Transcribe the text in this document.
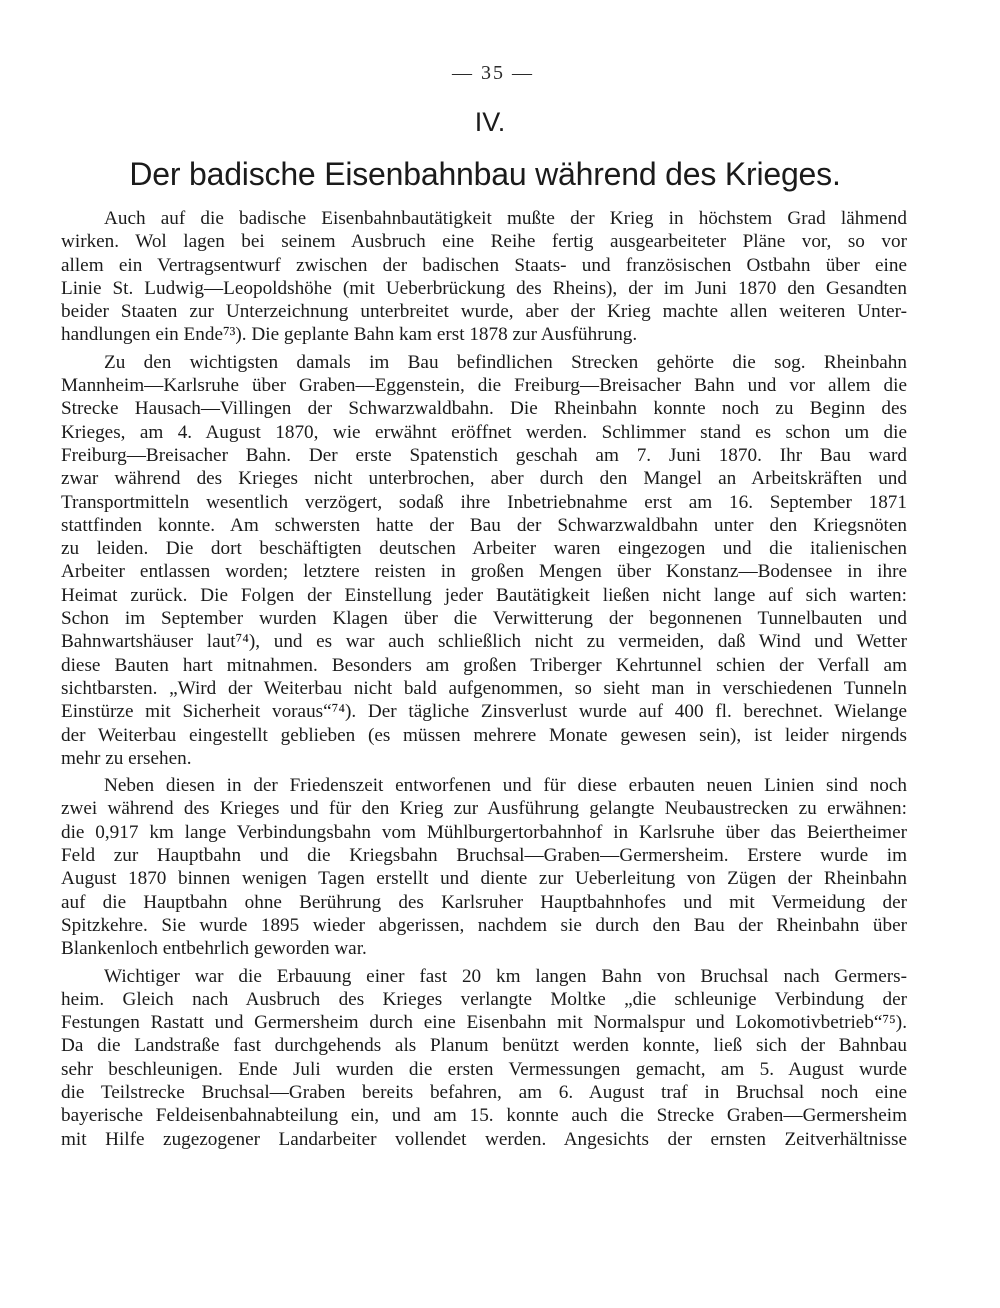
— 35 —
IV.
Der badische Eisenbahnbau während des Krieges.
Auch auf die badische Eisenbahnbautätigkeit mußte der Krieg in höchstem Grad lähmend
wirken. Wol lagen bei seinem Ausbruch eine Reihe fertig ausgearbeiteter Pläne vor, so vor
allem ein Vertragsentwurf zwischen der badischen Staats- und französischen Ostbahn über eine
Linie St. Ludwig—Leopoldshöhe (mit Ueberbrückung des Rheins), der im Juni 1870 den Gesandten
beider Staaten zur Unterzeichnung unterbreitet wurde, aber der Krieg machte allen weiteren Unter-
handlungen ein Ende⁷³). Die geplante Bahn kam erst 1878 zur Ausführung.
Zu den wichtigsten damals im Bau befindlichen Strecken gehörte die sog. Rheinbahn
Mannheim—Karlsruhe über Graben—Eggenstein, die Freiburg—Breisacher Bahn und vor allem die
Strecke Hausach—Villingen der Schwarzwaldbahn. Die Rheinbahn konnte noch zu Beginn des
Krieges, am 4. August 1870, wie erwähnt eröffnet werden. Schlimmer stand es schon um die
Freiburg—Breisacher Bahn. Der erste Spatenstich geschah am 7. Juni 1870. Ihr Bau ward
zwar während des Krieges nicht unterbrochen, aber durch den Mangel an Arbeitskräften und
Transportmitteln wesentlich verzögert, sodaß ihre Inbetriebnahme erst am 16. September 1871
stattfinden konnte. Am schwersten hatte der Bau der Schwarzwaldbahn unter den Kriegsnöten
zu leiden. Die dort beschäftigten deutschen Arbeiter waren eingezogen und die italienischen
Arbeiter entlassen worden; letztere reisten in großen Mengen über Konstanz—Bodensee in ihre
Heimat zurück. Die Folgen der Einstellung jeder Bautätigkeit ließen nicht lange auf sich warten:
Schon im September wurden Klagen über die Verwitterung der begonnenen Tunnelbauten und
Bahnwartshäuser laut⁷⁴), und es war auch schließlich nicht zu vermeiden, daß Wind und Wetter
diese Bauten hart mitnahmen. Besonders am großen Triberger Kehrtunnel schien der Verfall am
sichtbarsten. „Wird der Weiterbau nicht bald aufgenommen, so sieht man in verschiedenen Tunneln
Einstürze mit Sicherheit voraus“⁷⁴). Der tägliche Zinsverlust wurde auf 400 fl. berechnet. Wielange
der Weiterbau eingestellt geblieben (es müssen mehrere Monate gewesen sein), ist leider nirgends
mehr zu ersehen.
Neben diesen in der Friedenszeit entworfenen und für diese erbauten neuen Linien sind noch
zwei während des Krieges und für den Krieg zur Ausführung gelangte Neubaustrecken zu erwähnen:
die 0,917 km lange Verbindungsbahn vom Mühlburgertorbahnhof in Karlsruhe über das Beiertheimer
Feld zur Hauptbahn und die Kriegsbahn Bruchsal—Graben—Germersheim. Erstere wurde im
August 1870 binnen wenigen Tagen erstellt und diente zur Ueberleitung von Zügen der Rheinbahn
auf die Hauptbahn ohne Berührung des Karlsruher Hauptbahnhofes und mit Vermeidung der
Spitzkehre. Sie wurde 1895 wieder abgerissen, nachdem sie durch den Bau der Rheinbahn über
Blankenloch entbehrlich geworden war.
Wichtiger war die Erbauung einer fast 20 km langen Bahn von Bruchsal nach Germers-
heim. Gleich nach Ausbruch des Krieges verlangte Moltke „die schleunige Verbindung der
Festungen Rastatt und Germersheim durch eine Eisenbahn mit Normalspur und Lokomotivbetrieb“⁷⁵).
Da die Landstraße fast durchgehends als Planum benützt werden konnte, ließ sich der Bahnbau
sehr beschleunigen. Ende Juli wurden die ersten Vermessungen gemacht, am 5. August wurde
die Teilstrecke Bruchsal—Graben bereits befahren, am 6. August traf in Bruchsal noch eine
bayerische Feldeisenbahnabteilung ein, und am 15. konnte auch die Strecke Graben—Germersheim
mit Hilfe zugezogener Landarbeiter vollendet werden. Angesichts der ernsten Zeitverhältnisse
